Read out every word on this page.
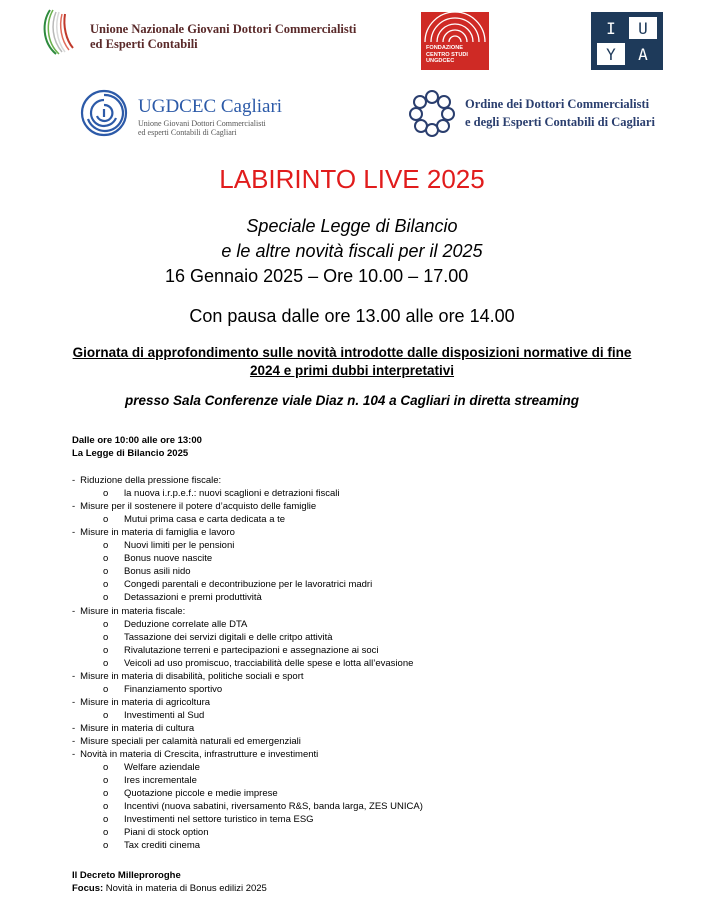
Unione Nazionale Giovani Dottori Commercialisti
ed Esperti Contabili	FONDAZIONE
CENTRO STUDI
UNGDCEC
I	U
Y	A
UGDCEC Cagliari
Unione Giovani Dottori Commercialisti
ed esperti Contabili di Cagliari
Ordine dei Dottori Commercialisti
e degli Esperti Contabili di Cagliari
LABIRINTO LIVE 2025
Speciale Legge di Bilancio
e le altre novità fiscali per il 2025
16 Gennaio 2025 – Ore 10.00 – 17.00
Con pausa dalle ore 13.00 alle ore 14.00
Giornata di approfondimento sulle novità introdotte dalle disposizioni normative di fine 2024 e primi dubbi interpretativi
presso Sala Conferenze viale Diaz n. 104 a Cagliari in diretta streaming
Dalle ore 10:00 alle ore 13:00
La Legge di Bilancio 2025
- Riduzione della pressione fiscale:
o la nuova i.r.p.e.f.: nuovi scaglioni e detrazioni fiscali
- Misure per il sostenere il potere d’acquisto delle famiglie
o Mutui prima casa e carta dedicata a te
- Misure in materia di famiglia e lavoro
o Nuovi limiti per le pensioni
o Bonus nuove nascite
o Bonus asili nido
o Congedi parentali e decontribuzione per le lavoratrici madri
o Detassazioni e premi produttività
- Misure in materia fiscale:
o Deduzione correlate alle DTA
o Tassazione dei servizi digitali e delle critpo attività
o Rivalutazione terreni e partecipazioni e assegnazione ai soci
o Veicoli ad uso promiscuo, tracciabilità delle spese e lotta all’evasione
- Misure in materia di disabilità, politiche sociali e sport
o Finanziamento sportivo
- Misure in materia di agricoltura
o Investimenti al Sud
- Misure in materia di cultura
- Misure speciali per calamità naturali ed emergenziali
- Novità in materia di Crescita, infrastrutture e investimenti
o Welfare aziendale
o Ires incrementale
o Quotazione piccole e medie imprese
o Incentivi (nuova sabatini, riversamento R&S, banda larga, ZES UNICA)
o Investimenti nel settore turistico in tema ESG
o Piani di stock option
o Tax crediti cinema
Il Decreto Milleproroghe
Focus: Novità in materia di Bonus edilizi 2025
